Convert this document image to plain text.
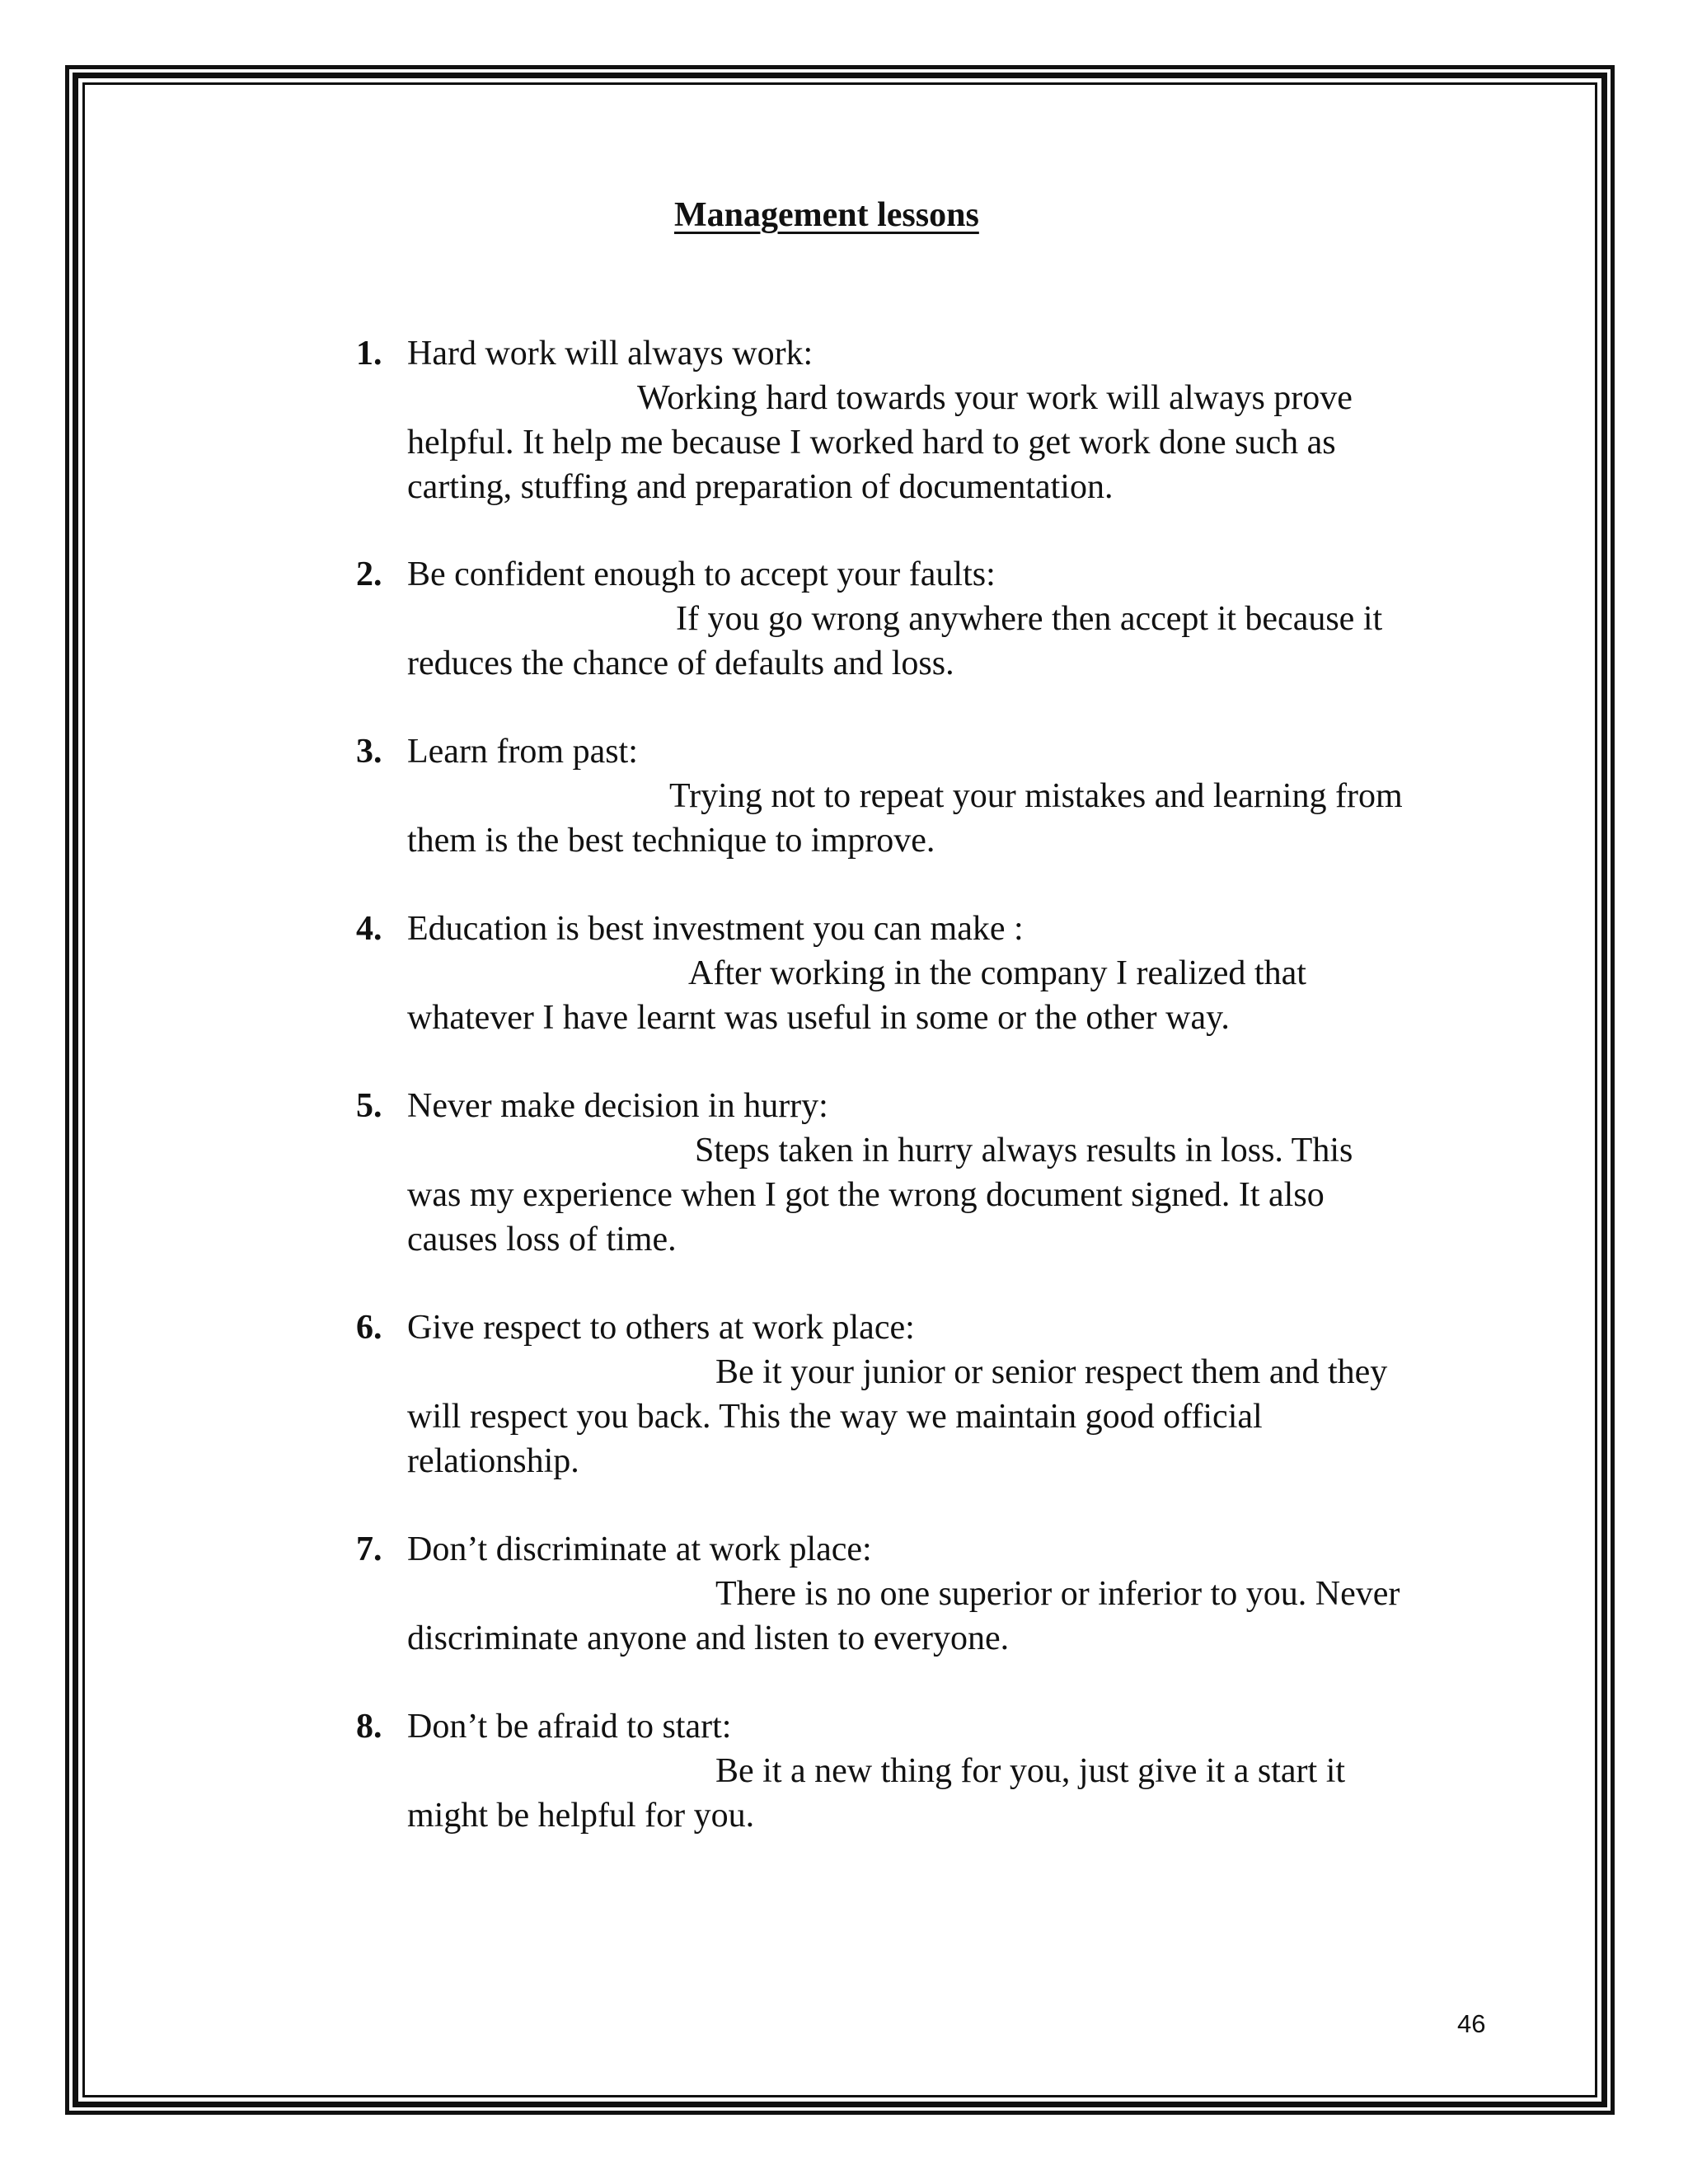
Management lessons
1. Hard work will always work:
Working hard towards your work will always prove
helpful. It help me because I worked hard to get work done such as
carting, stuffing and preparation of documentation.
2. Be confident enough to accept your faults:
If you go wrong anywhere then accept it because it
reduces the chance of defaults and loss.
3. Learn from past:
Trying not to repeat your mistakes and learning from
them is the best technique to improve.
4. Education is best investment you can make :
After working in the company I realized that
whatever I have learnt was useful in some or the other way.
5. Never make decision in hurry:
Steps taken in hurry always results in loss. This
was my experience when I got the wrong document signed. It also
causes loss of time.
6. Give respect to others at work place:
Be it your junior or senior respect them and they
will respect you back. This the way we maintain good official
relationship.
7. Don’t discriminate at work place:
There is no one superior or inferior to you. Never
discriminate anyone and listen to everyone.
8. Don’t be afraid to start:
Be it a new thing for you, just give it a start it
might be helpful for you.
46
